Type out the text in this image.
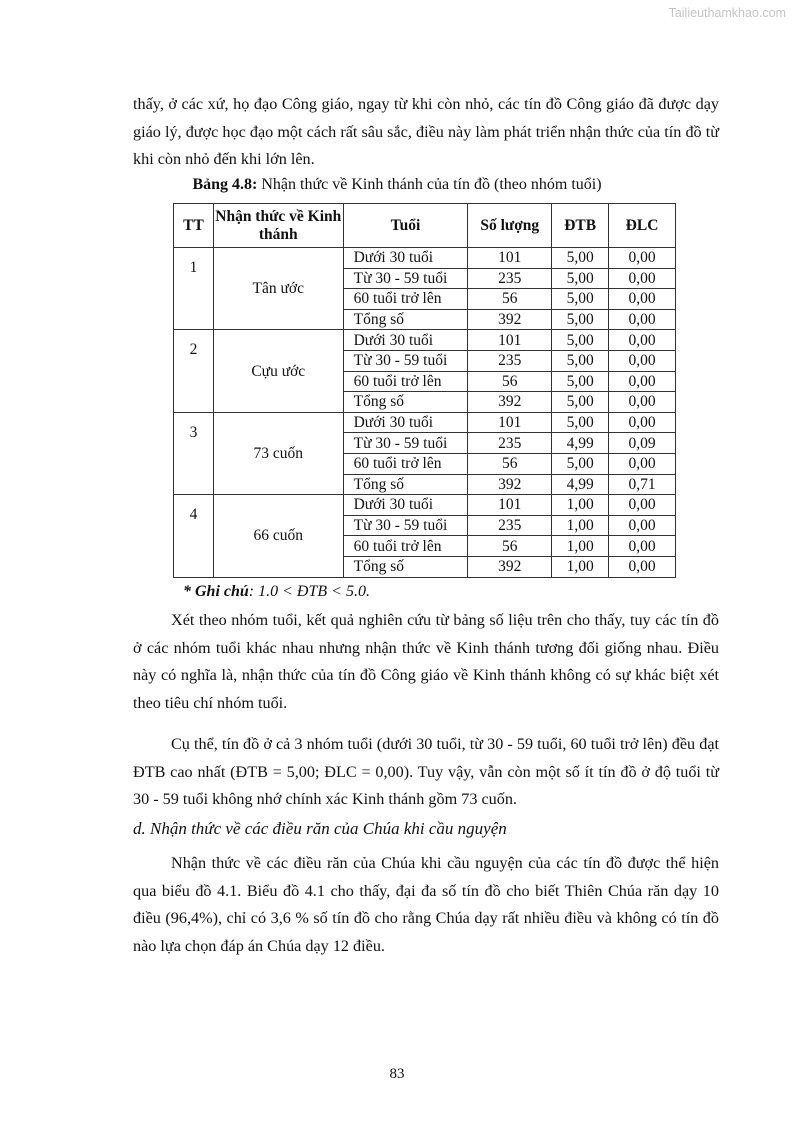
Tailieuthamkhao.com

thấy, ở các xứ, họ đạo Công giáo, ngay từ khi còn nhỏ, các tín đồ Công giáo đã được dạy giáo lý, được học đạo một cách rất sâu sắc, điều này làm phát triển nhận thức của tín đồ từ khi còn nhỏ đến khi lớn lên.

Bảng 4.8: Nhận thức về Kinh thánh của tín đồ (theo nhóm tuổi)
TT	Nhận thức về Kinh thánh	Tuổi	Số lượng	ĐTB	ĐLC
1	Tân ước	Dưới 30 tuổi	101	5,00	0,00
		Từ 30 - 59 tuổi	235	5,00	0,00
		60 tuổi trở lên	56	5,00	0,00
		Tổng số	392	5,00	0,00
2	Cựu ước	Dưới 30 tuổi	101	5,00	0,00
		Từ 30 - 59 tuổi	235	5,00	0,00
		60 tuổi trở lên	56	5,00	0,00
		Tổng số	392	5,00	0,00
3	73 cuốn	Dưới 30 tuổi	101	5,00	0,00
		Từ 30 - 59 tuổi	235	4,99	0,09
		60 tuổi trở lên	56	5,00	0,00
		Tổng số	392	4,99	0,71
4	66 cuốn	Dưới 30 tuổi	101	1,00	0,00
		Từ 30 - 59 tuổi	235	1,00	0,00
		60 tuổi trở lên	56	1,00	0,00
		Tổng số	392	1,00	0,00
* Ghi chú: 1.0 < ĐTB < 5.0.

Xét theo nhóm tuổi, kết quả nghiên cứu từ bảng số liệu trên cho thấy, tuy các tín đồ ở các nhóm tuổi khác nhau nhưng nhận thức về Kinh thánh tương đối giống nhau. Điều này có nghĩa là, nhận thức của tín đồ Công giáo về Kinh thánh không có sự khác biệt xét theo tiêu chí nhóm tuổi.

Cụ thể, tín đồ ở cả 3 nhóm tuổi (dưới 30 tuổi, từ 30 - 59 tuổi, 60 tuổi trở lên) đều đạt ĐTB cao nhất (ĐTB = 5,00; ĐLC = 0,00). Tuy vậy, vẫn còn một số ít tín đồ ở độ tuổi từ 30 - 59 tuổi không nhớ chính xác Kinh thánh gồm 73 cuốn.

d. Nhận thức về các điều răn của Chúa khi cầu nguyện

Nhận thức về các điều răn của Chúa khi cầu nguyện của các tín đồ được thể hiện qua biểu đồ 4.1. Biểu đồ 4.1 cho thấy, đại đa số tín đồ cho biết Thiên Chúa răn dạy 10 điều (96,4%), chỉ có 3,6 % số tín đồ cho rằng Chúa dạy rất nhiều điều và không có tín đồ nào lựa chọn đáp án Chúa dạy 12 điều.

83
